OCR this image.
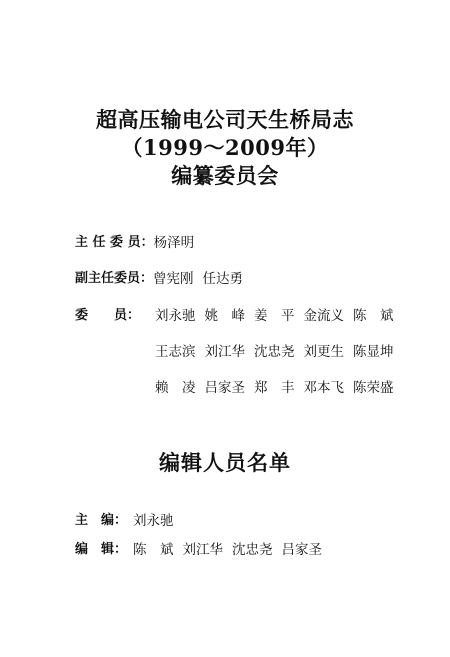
超高压输电公司天生桥局志
（1999～2009年）
编纂委员会
主 任 委 员： 杨泽明
副主任委员： 曾宪刚 任达勇
委　　员：	刘永驰 姚　峰 姜　平 金流义 陈　斌
王志滨 刘江华 沈忠尧 刘更生 陈显坤
赖　凌 吕家圣 郑　丰 邓本飞 陈荣盛
编辑人员名单
主　编： 刘永驰
编　辑： 陈　斌 刘江华 沈忠尧 吕家圣
